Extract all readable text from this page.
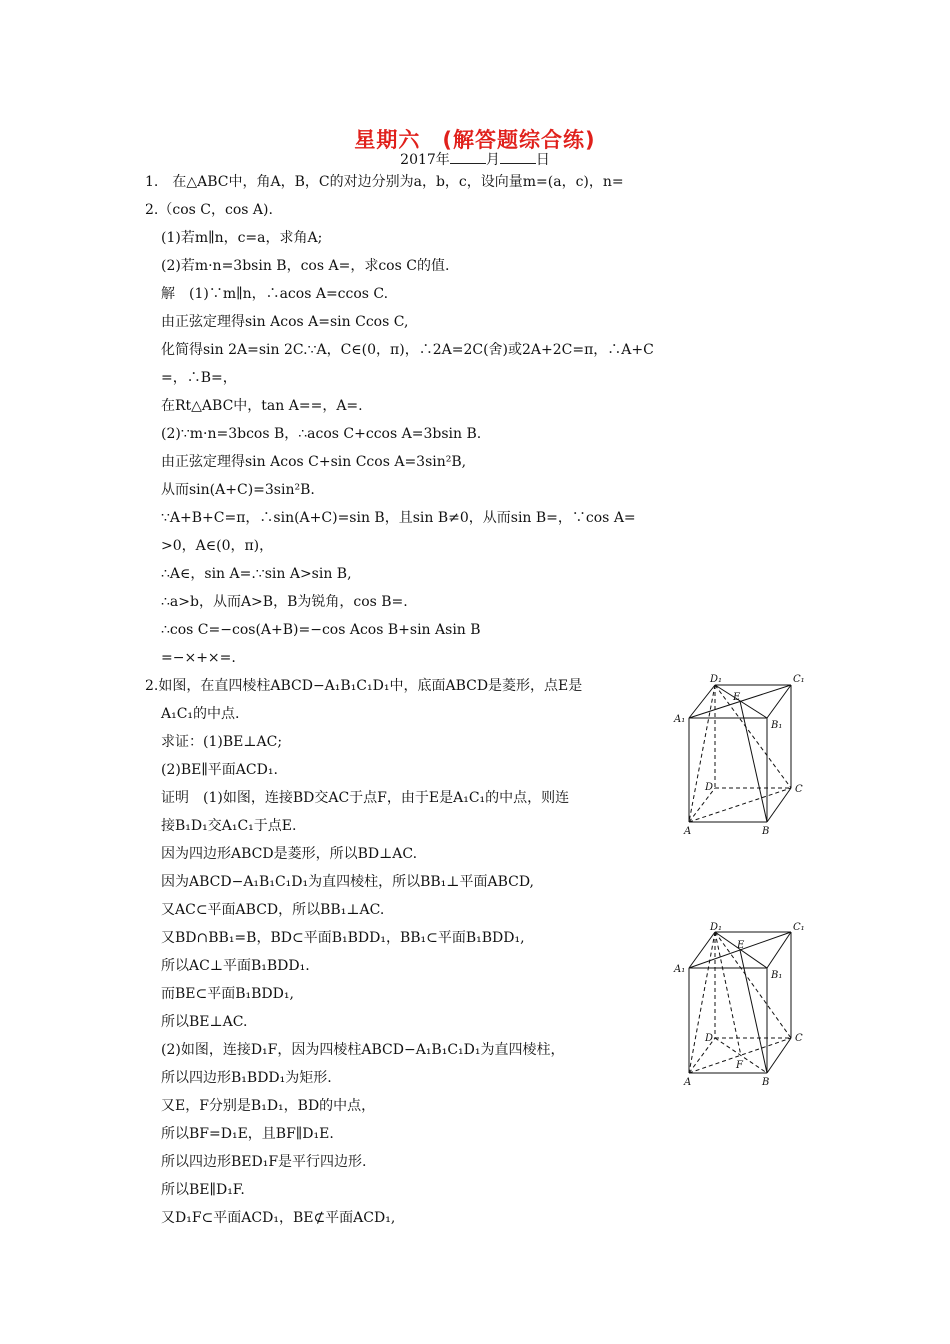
星期六　(解答题综合练)
2017年	月	日
1.　在△ABC中，角A，B，C的对边分别为a，b，c，设向量m=(a，c)，n=
2.（cos C，cos A).
(1)若m∥n，c=a，求角A;
(2)若m·n=3bsin B，cos A=，求cos C的值.
解　(1)∵m∥n，∴acos A=ccos C.
由正弦定理得sin Acos A=sin Ccos C,
化简得sin 2A=sin 2C.∵A，C∈(0，π)，∴2A=2C(舍)或2A+2C=π，∴A+C
=，∴B=，
在Rt△ABC中，tan A==，A=.
(2)∵m·n=3bcos B，∴acos C+ccos A=3bsin B.
由正弦定理得sin Acos C+sin Ccos A=3sin²B,
从而sin(A+C)=3sin²B.
∵A+B+C=π，∴sin(A+C)=sin B，且sin B≠0，从而sin B=，∵cos A=
>0，A∈(0，π)，
∴A∈，sin A=.∵sin A>sin B,
∴a>b，从而A>B，B为锐角，cos B=.
∴cos C=−cos(A+B)=−cos Acos B+sin Asin B
=−×+×=.
2.如图，在直四棱柱ABCD−A₁B₁C₁D₁中，底面ABCD是菱形，点E是
A₁C₁的中点.
求证：(1)BE⊥AC;
(2)BE∥平面ACD₁.
证明　(1)如图，连接BD交AC于点F，由于E是A₁C₁的中点，则连
接B₁D₁交A₁C₁于点E.
因为四边形ABCD是菱形，所以BD⊥AC.
因为ABCD−A₁B₁C₁D₁为直四棱柱，所以BB₁⊥平面ABCD,
又AC⊂平面ABCD，所以BB₁⊥AC.
又BD∩BB₁=B，BD⊂平面B₁BDD₁，BB₁⊂平面B₁BDD₁,
所以AC⊥平面B₁BDD₁.
而BE⊂平面B₁BDD₁,
所以BE⊥AC.
(2)如图，连接D₁F，因为四棱柱ABCD−A₁B₁C₁D₁为直四棱柱，
所以四边形B₁BDD₁为矩形.
又E，F分别是B₁D₁，BD的中点，
所以BF=D₁E，且BF∥D₁E.
所以四边形BED₁F是平行四边形.
所以BE∥D₁F.
又D₁F⊂平面ACD₁，BE⊄平面ACD₁,
D₁	C₁
E
A₁
B₁
D	C
A	B
D₁	C₁
E
A₁
B₁
D	C
F
A	B
